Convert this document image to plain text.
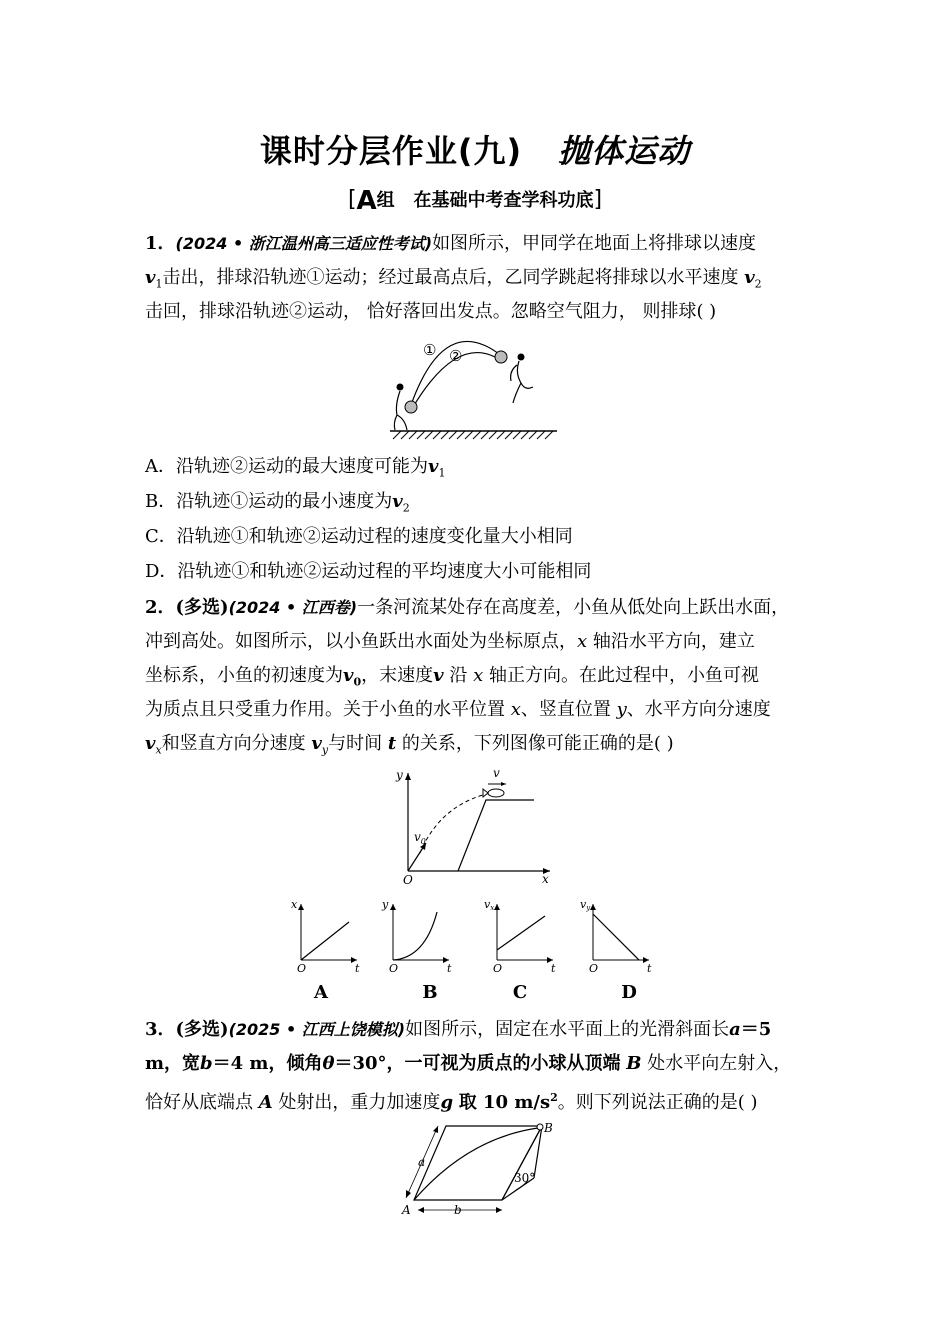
课时分层作业(九) 抛体运动
[A组 在基础中考查学科功底]
1．(2024 • 浙江温州高三适应性考试)如图所示，甲同学在地面上将排球以速度
$v_1$击出，排球沿轨迹①运动；经过最高点后，乙同学跳起将排球以水平速度 $v_2$
击回，排球沿轨迹②运动， 恰好落回出发点。忽略空气阻力， 则排球( )
① ②
A．沿轨迹②运动的最大速度可能为$v_1$
B．沿轨迹①运动的最小速度为$v_2$
C．沿轨迹①和轨迹②运动过程的速度变化量大小相同
D．沿轨迹①和轨迹②运动过程的平均速度大小可能相同
2．(多选)(2024 • 江西卷)一条河流某处存在高度差，小鱼从低处向上跃出水面，
冲到高处。如图所示，以小鱼跃出水面处为坐标原点，x 轴沿水平方向，建立
坐标系，小鱼的初速度为$v_0$，末速度v 沿 x 轴正方向。在此过程中，小鱼可视
为质点且只受重力作用。关于小鱼的水平位置 x、竖直位置 y、水平方向分速度
$v_x$和竖直方向分速度 $v_y$与时间 t 的关系，下列图像可能正确的是( )
y
x
O
v
$v_0$
x
O	t
y
O	t
vx
O	t
vy
O	t
A	B	C	D
3．(多选)(2025 • 江西上饶模拟)如图所示，固定在水平面上的光滑斜面长a＝5
m，宽b＝4 m，倾角θ＝30°，一可视为质点的小球从顶端 B 处水平向左射入，
恰好从底端点 A 处射出，重力加速度g 取 10 $m/s^2$。则下列说法正确的是( )
a
b
A
B
30°
